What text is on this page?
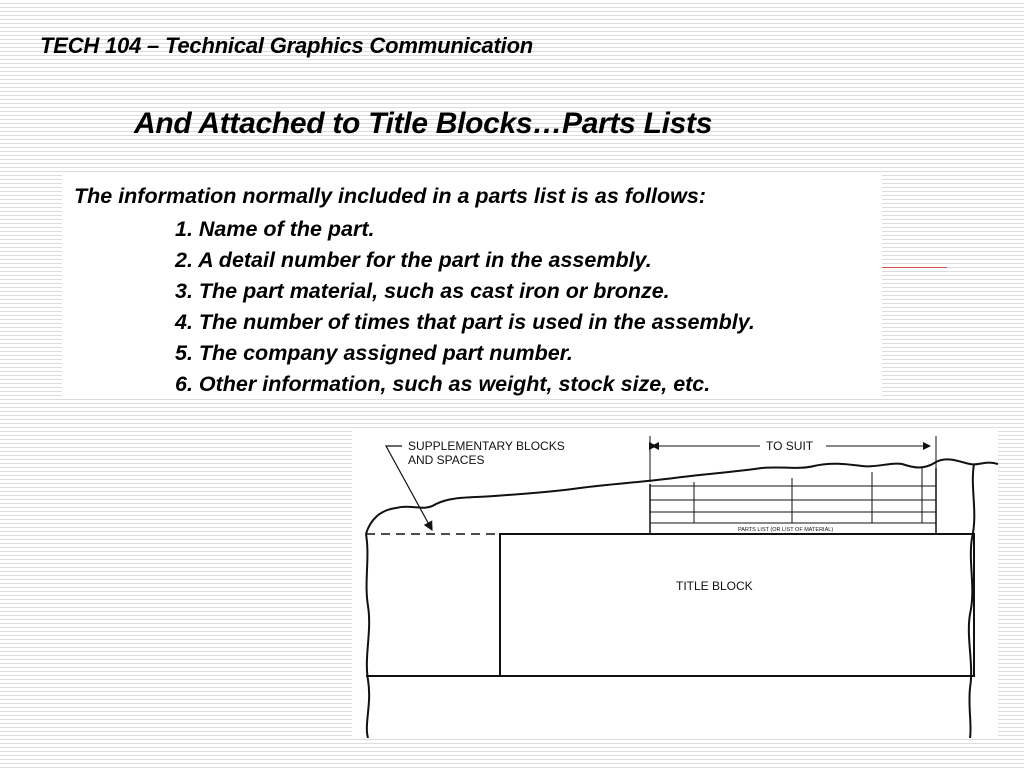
TECH 104 – Technical Graphics Communication
And Attached to Title Blocks…Parts Lists

The information normally included in a parts list is as follows:

1. Name of the part.
2. A detail number for the part in the assembly.
3. The part material, such as cast iron or bronze.
4. The number of times that part is used in the assembly.
5. The company assigned part number.
6. Other information, such as weight, stock size, etc.
TO SUIT
SUPPLEMENTARY BLOCKS
AND SPACES
PARTS LIST (OR LIST OF MATERIAL)
TITLE BLOCK
